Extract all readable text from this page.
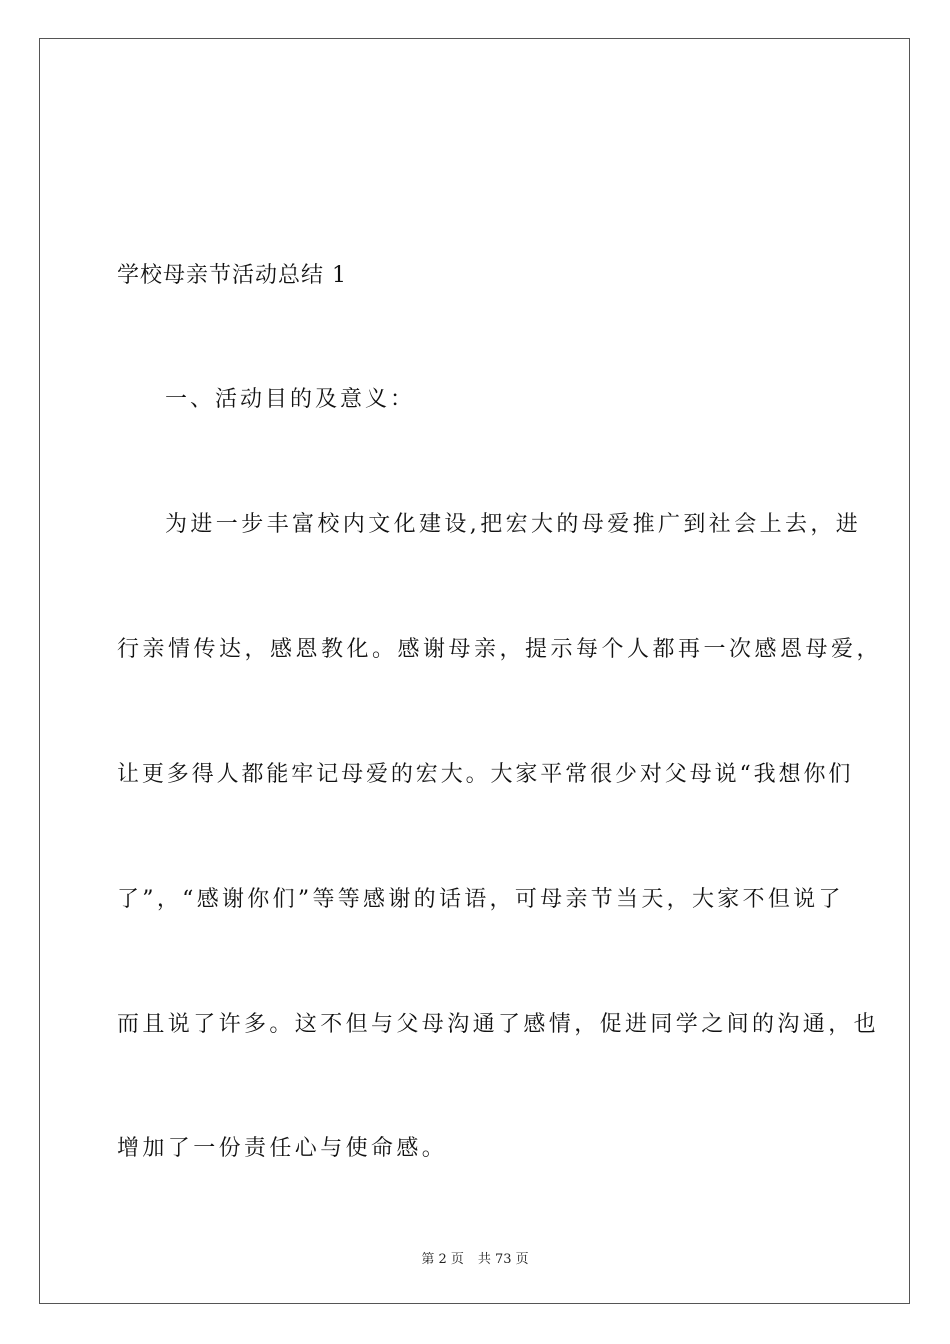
学校母亲节活动总结 1
一、活动目的及意义：
为进一步丰富校内文化建设,把宏大的母爱推广到社会上去，进
行亲情传达，感恩教化。感谢母亲，提示每个人都再一次感恩母爱，
让更多得人都能牢记母爱的宏大。大家平常很少对父母说“我想你们
了”，“感谢你们”等等感谢的话语，可母亲节当天，大家不但说了
而且说了许多。这不但与父母沟通了感情，促进同学之间的沟通，也
增加了一份责任心与使命感。
第 2 页 共 73 页
